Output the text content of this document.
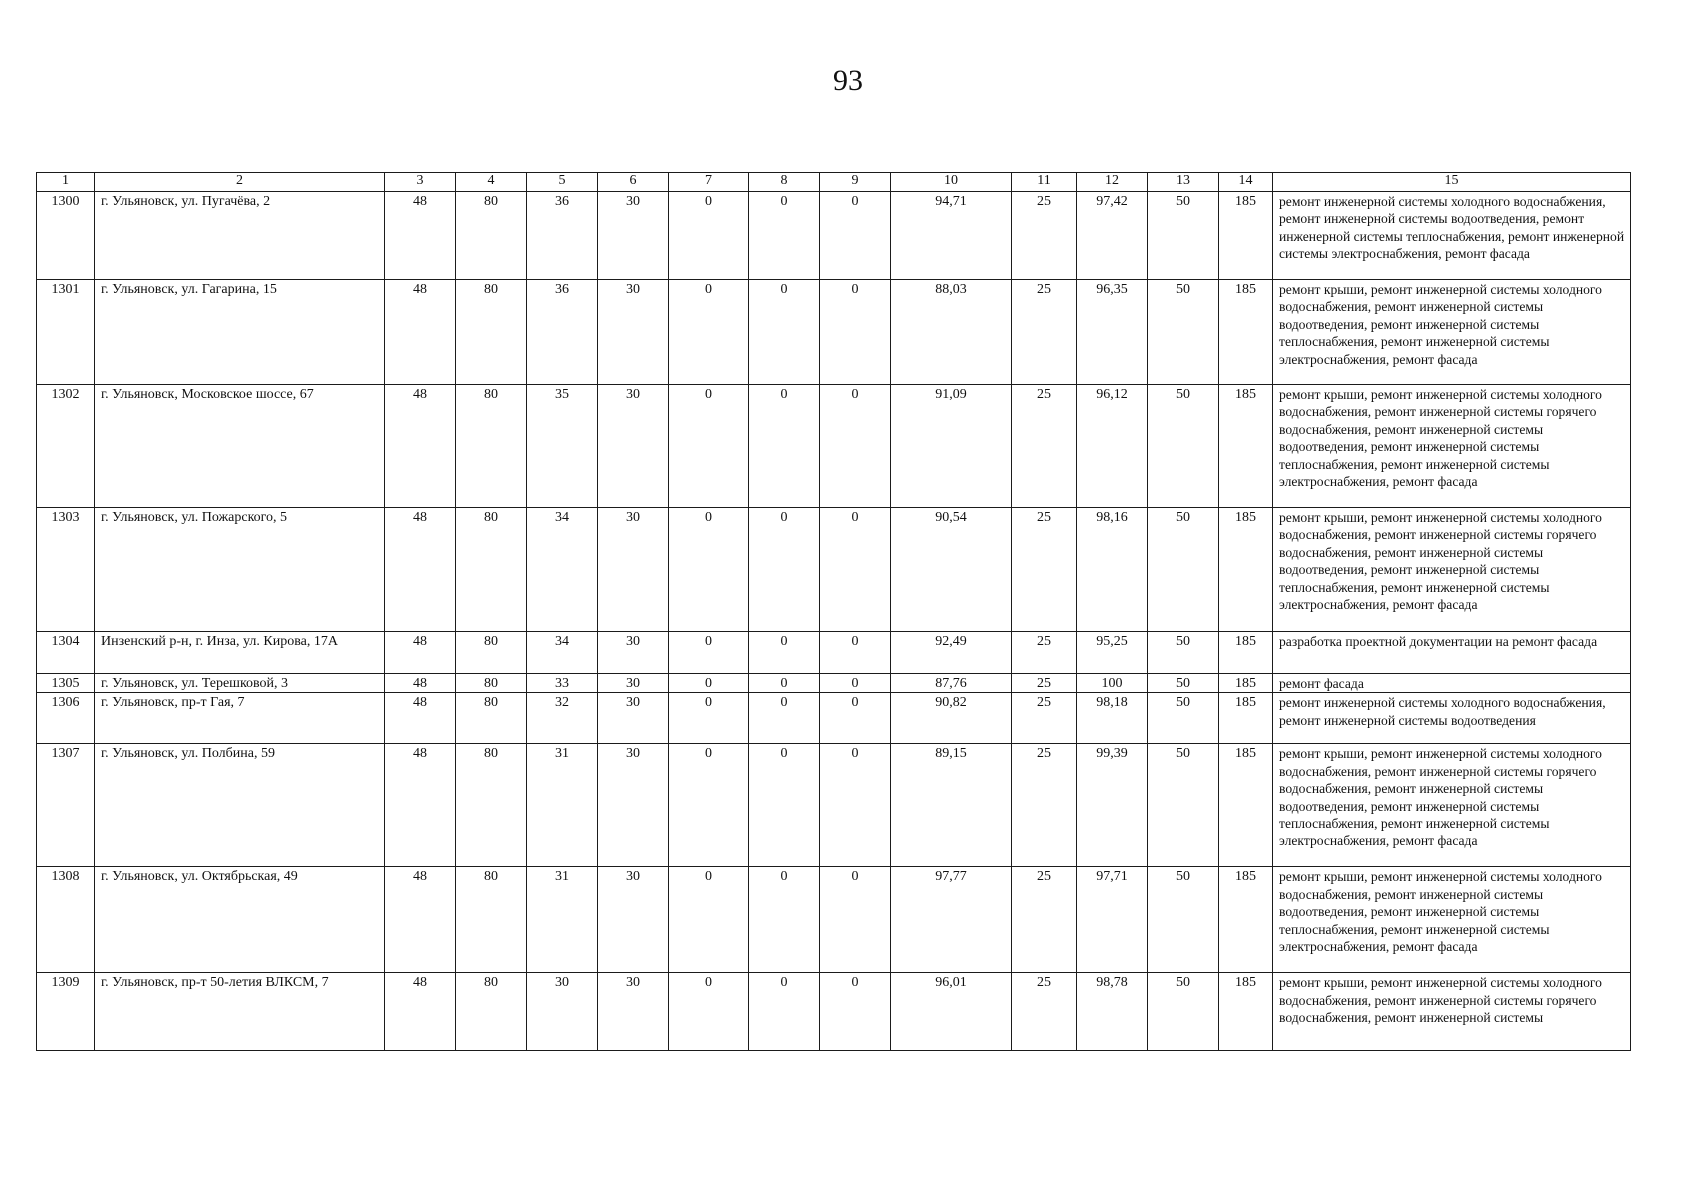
93
1	2	3	4	5	6	7	8	9	10	11	12	13	14	15
1300	г. Ульяновск, ул. Пугачёва, 2	48	80	36	30	0	0	0	94,71	25	97,42	50	185	ремонт инженерной системы холодного водоснабжения, ремонт инженерной системы водоотведения, ремонт инженерной системы теплоснабжения, ремонт инженерной системы электроснабжения, ремонт фасада
1301	г. Ульяновск, ул. Гагарина, 15	48	80	36	30	0	0	0	88,03	25	96,35	50	185	ремонт крыши, ремонт инженерной системы холодного водоснабжения, ремонт инженерной системы водоотведения, ремонт инженерной системы теплоснабжения, ремонт инженерной системы электроснабжения, ремонт фасада
1302	г. Ульяновск, Московское шоссе, 67	48	80	35	30	0	0	0	91,09	25	96,12	50	185	ремонт крыши, ремонт инженерной системы холодного водоснабжения, ремонт инженерной системы горячего водоснабжения, ремонт инженерной системы водоотведения, ремонт инженерной системы теплоснабжения, ремонт инженерной системы электроснабжения, ремонт фасада
1303	г. Ульяновск, ул. Пожарского, 5	48	80	34	30	0	0	0	90,54	25	98,16	50	185	ремонт крыши, ремонт инженерной системы холодного водоснабжения, ремонт инженерной системы горячего водоснабжения, ремонт инженерной системы водоотведения, ремонт инженерной системы теплоснабжения, ремонт инженерной системы электроснабжения, ремонт фасада
1304	Инзенский р-н, г. Инза, ул. Кирова, 17А	48	80	34	30	0	0	0	92,49	25	95,25	50	185	разработка проектной документации на ремонт фасада
1305	г. Ульяновск, ул. Терешковой, 3	48	80	33	30	0	0	0	87,76	25	100	50	185	ремонт фасада
1306	г. Ульяновск, пр-т Гая, 7	48	80	32	30	0	0	0	90,82	25	98,18	50	185	ремонт инженерной системы холодного водоснабжения, ремонт инженерной системы водоотведения
1307	г. Ульяновск, ул. Полбина, 59	48	80	31	30	0	0	0	89,15	25	99,39	50	185	ремонт крыши, ремонт инженерной системы холодного водоснабжения, ремонт инженерной системы горячего водоснабжения, ремонт инженерной системы водоотведения, ремонт инженерной системы теплоснабжения, ремонт инженерной системы электроснабжения, ремонт фасада
1308	г. Ульяновск, ул. Октябрьская, 49	48	80	31	30	0	0	0	97,77	25	97,71	50	185	ремонт крыши, ремонт инженерной системы холодного водоснабжения, ремонт инженерной системы водоотведения, ремонт инженерной системы теплоснабжения, ремонт инженерной системы электроснабжения, ремонт фасада
1309	г. Ульяновск, пр-т 50-летия ВЛКСМ, 7	48	80	30	30	0	0	0	96,01	25	98,78	50	185	ремонт крыши, ремонт инженерной системы холодного водоснабжения, ремонт инженерной системы горячего водоснабжения, ремонт инженерной системы
